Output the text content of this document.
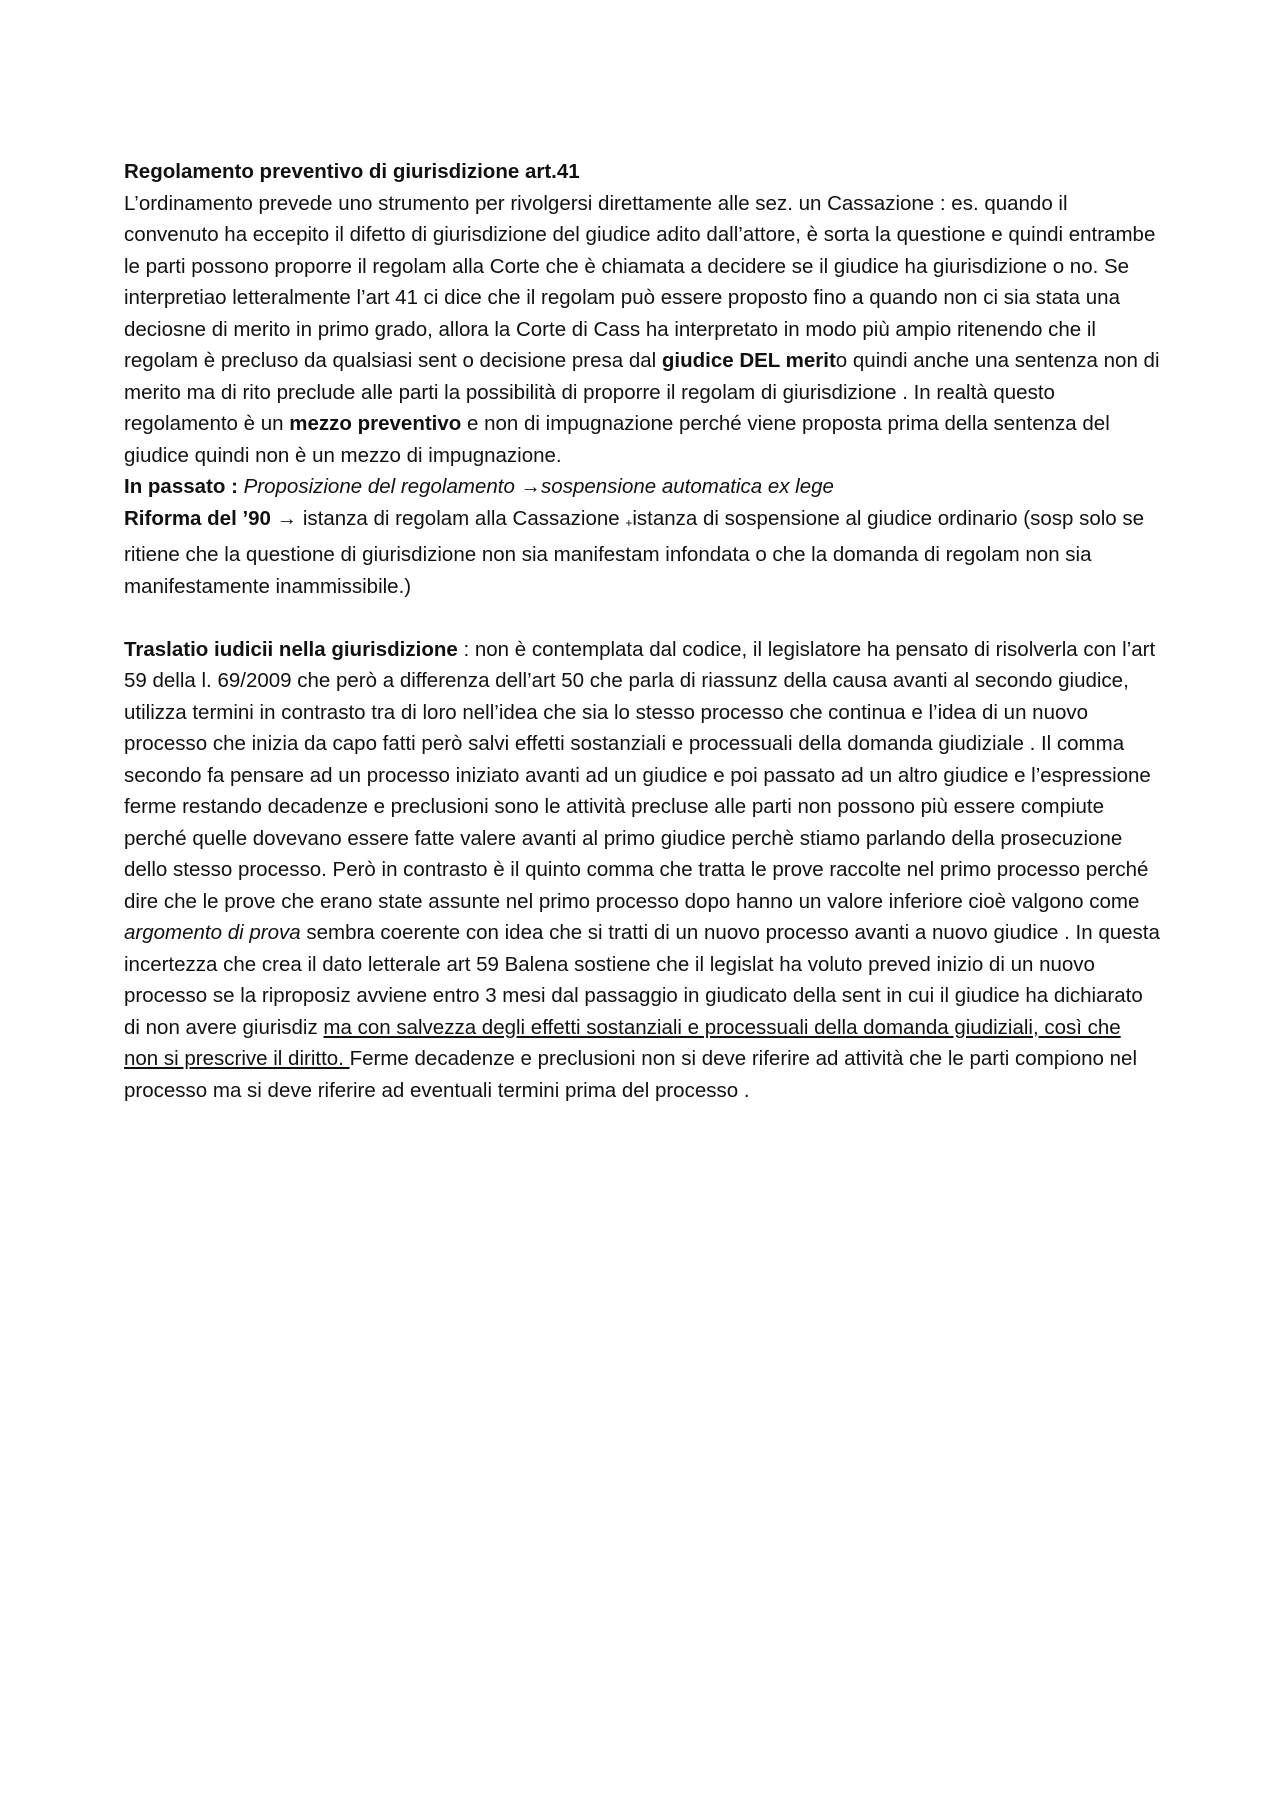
Regolamento preventivo di giurisdizione art.41

L’ordinamento prevede uno strumento per rivolgersi direttamente alle sez. un Cassazione : es. quando il convenuto ha eccepito il difetto di giurisdizione del giudice adito dall’attore, è sorta la questione e quindi entrambe le parti possono proporre il regolam alla Corte che è chiamata a decidere se il giudice ha giurisdizione o no. Se interpretiao letteralmente l’art 41 ci dice che il regolam può essere proposto fino a quando non ci sia stata una deciosne di merito in primo grado, allora la Corte di Cass ha interpretato in modo più ampio ritenendo che il regolam è precluso da qualsiasi sent o decisione presa dal giudice DEL merito quindi anche una sentenza non di merito ma di rito preclude alle parti la possibilità di proporre il regolam di giurisdizione . In realtà questo regolamento è un mezzo preventivo e non di impugnazione perché viene proposta prima della sentenza del giudice quindi non è un mezzo di impugnazione.

In passato : Proposizione del regolamento →sospensione automatica ex lege

Riforma del ’90 → istanza di regolam alla Cassazione +istanza di sospensione al giudice ordinario (sosp solo se ritiene che la questione di giurisdizione non sia manifestam infondata o che la domanda di regolam non sia manifestamente inammissibile.)

Traslatio iudicii nella giurisdizione : non è contemplata dal codice, il legislatore ha pensato di risolverla con l’art 59 della l. 69/2009 che però a differenza dell’art 50 che parla di riassunz della causa avanti al secondo giudice, utilizza termini in contrasto tra di loro nell’idea che sia lo stesso processo che continua e l’idea di un nuovo processo che inizia da capo fatti però salvi effetti sostanziali e processuali della domanda giudiziale . Il comma secondo fa pensare ad un processo iniziato avanti ad un giudice e poi passato ad un altro giudice e l’espressione ferme restando decadenze e preclusioni sono le attività precluse alle parti non possono più essere compiute perché quelle dovevano essere fatte valere avanti al primo giudice perchè stiamo parlando della prosecuzione dello stesso processo. Però in contrasto è il quinto comma che tratta le prove raccolte nel primo processo perché dire che le prove che erano state assunte nel primo processo dopo hanno un valore inferiore cioè valgono come argomento di prova sembra coerente con idea che si tratti di un nuovo processo avanti a nuovo giudice . In questa incertezza che crea il dato letterale art 59 Balena sostiene che il legislat ha voluto preved inizio di un nuovo processo se la riproposiz avviene entro 3 mesi dal passaggio in giudicato della sent in cui il giudice ha dichiarato di non avere giurisdiz ma con salvezza degli effetti sostanziali e processuali della domanda giudiziali, così che non si prescrive il diritto. Ferme decadenze e preclusioni non si deve riferire ad attività che le parti compiono nel processo ma si deve riferire ad eventuali termini prima del processo .
